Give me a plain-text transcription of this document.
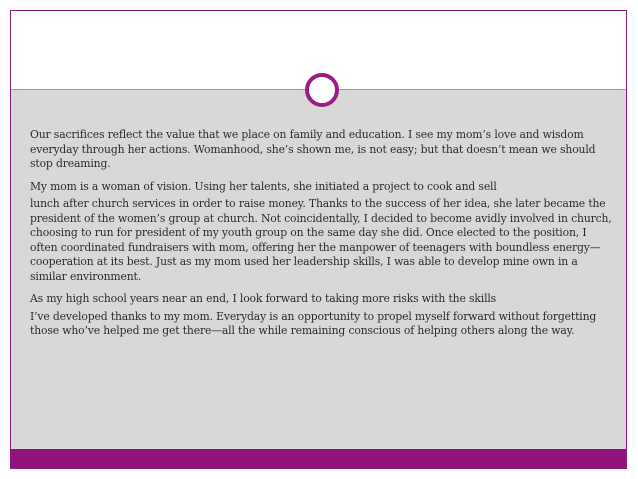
Our sacrifices reflect the value that we place on family and education. I see my mom’s love and wisdom everyday through her actions. Womanhood, she’s shown me, is not easy; but that doesn’t mean we should stop dreaming.

My mom is a woman of vision. Using her talents, she initiated a project to cook and sell

lunch after church services in order to raise money. Thanks to the success of her idea, she later became the president of the women’s group at church. Not coincidentally, I decided to become avidly involved in church, choosing to run for president of my youth group on the same day she did. Once elected to the position, I often coordinated fundraisers with mom, offering her the manpower of teenagers with boundless energy—cooperation at its best. Just as my mom used her leadership skills, I was able to develop mine own in a similar environment.

As my high school years near an end, I look forward to taking more risks with the skills

I’ve developed thanks to my mom. Everyday is an opportunity to propel myself forward without forgetting those who’ve helped me get there—all the while remaining conscious of helping others along the way.
